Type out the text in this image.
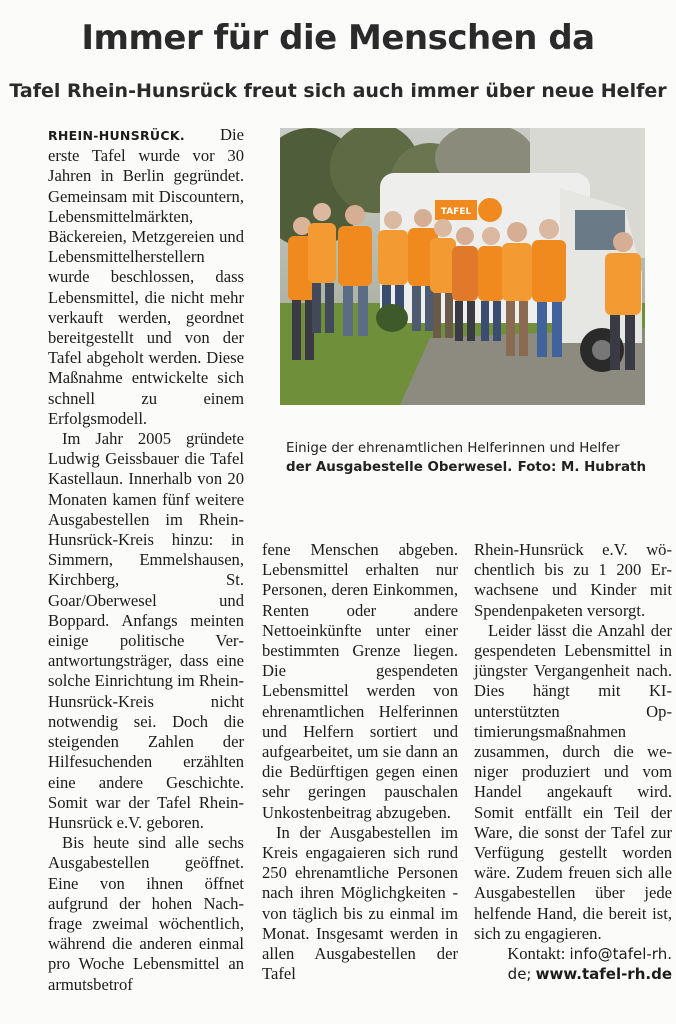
Immer für die Menschen da
Tafel Rhein-Hunsrück freut sich auch immer über neue Helfer

RHEIN-HUNSRÜCK. Die erste Tafel wurde vor 30 Jahren in Berlin gegründet. Gemeinsam mit Discountern, Lebensmittelmärkten, Bäckereien, Metzgereien und Lebensmittelherstellern wurde beschlossen, dass Lebensmittel, die nicht mehr verkauft werden, geordnet bereitgestellt und von der Tafel abgeholt werden. Diese Maßnahme entwickelte sich schnell zu einem Erfolgsmodell.

Im Jahr 2005 gründete Ludwig Geissbauer die Tafel Kastellaun. Innerhalb von 20 Monaten kamen fünf weitere Ausgabestellen im Rhein-Hunsrück-Kreis hinzu: in Simmern, Emmelshausen, Kirchberg, St. Goar/Oberwesel und Boppard. Anfangs meinten einige politische Verantwortungsträger, dass eine solche Einrichtung im Rhein-Hunsrück-Kreis nicht notwendig sei. Doch die steigenden Zahlen der Hilfesuchenden erzählten eine andere Geschichte. Somit war der Tafel Rhein-Hunsrück e.V. geboren.

Bis heute sind alle sechs Ausgabestellen geöffnet. Eine von ihnen öffnet aufgrund der hohen Nachfrage zweimal wöchentlich, während die anderen einmal pro Woche Lebensmittel an armutsbetrof

TAFEL

Einige der ehrenamtlichen Helferinnen und Helfer
der Ausgabestelle Oberwesel. Foto: M. Hubrath

fene Menschen abgeben. Lebensmittel erhalten nur Personen, deren Einkommen, Renten oder andere Nettoeinkünfte unter einer bestimmten Grenze liegen. Die gespendeten Lebensmittel werden von ehrenamtlichen Helferinnen und Helfern sortiert und aufgearbeitet, um sie dann an die Bedürftigen gegen einen sehr geringen pauschalen Unkostenbeitrag abzugeben.

In der Ausgabestellen im Kreis engagaieren sich rund 250 ehrenamtliche Personen nach ihren Möglichgkeiten - von täglich bis zu einmal im Monat. Insgesamt werden in allen Ausgabestellen der Tafel

Rhein-Hunsrück e.V. wöchentlich bis zu 1 200 Erwachsene und Kinder mit Spendenpaketen versorgt.

Leider lässt die Anzahl der gespendeten Lebensmittel in jüngster Vergangenheit nach. Dies hängt mit KI-unterstützten Optimierungsmaßnahmen zusammen, durch die weniger produziert und vom Handel angekauft wird. Somit entfällt ein Teil der Ware, die sonst der Tafel zur Verfügung gestellt worden wäre. Zudem freuen sich alle Ausgabestellen über jede helfende Hand, die bereit ist, sich zu engagieren.

Kontakt: info@tafel-rh.
de; www.tafel-rh.de
